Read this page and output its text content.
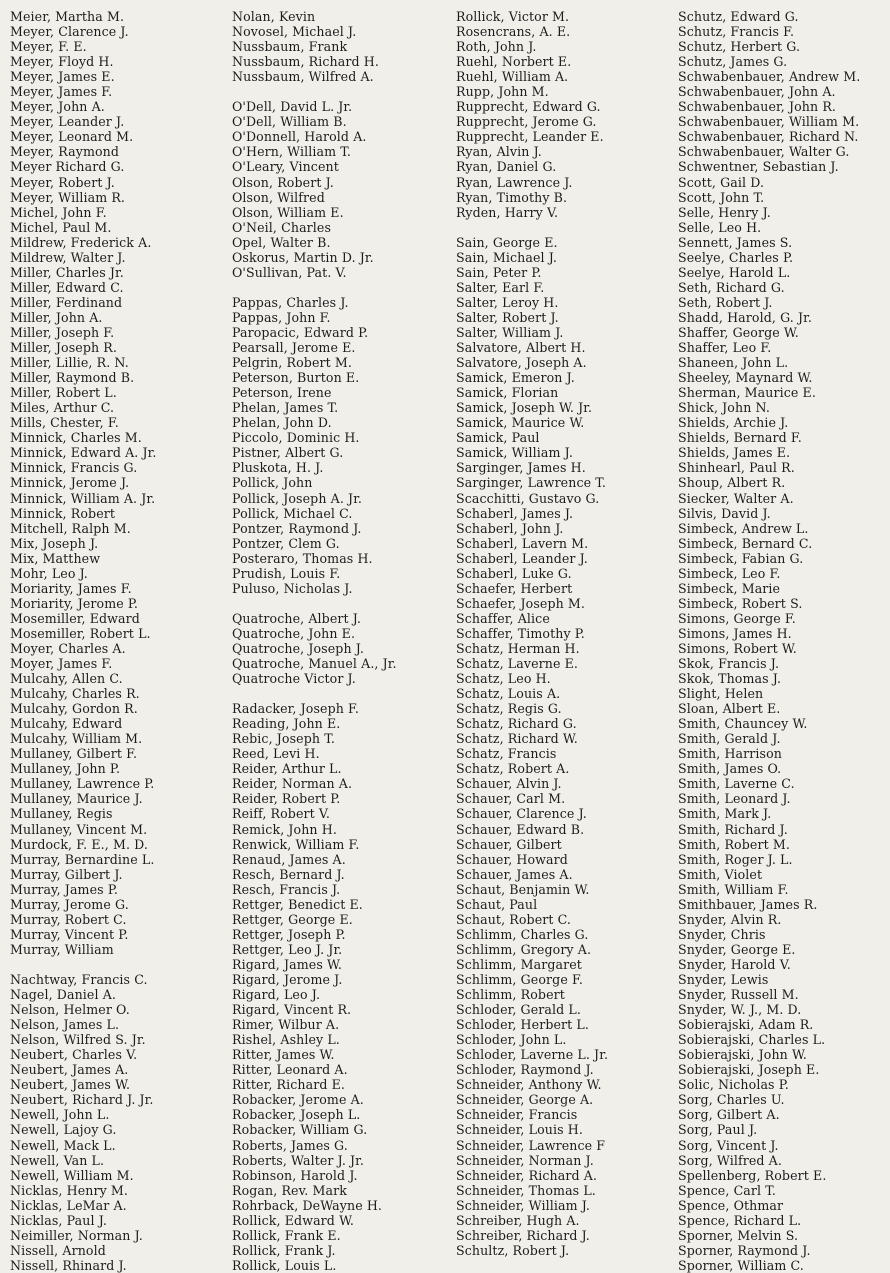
Meier, Martha M.
Meyer, Clarence J.
Meyer, F. E.
Meyer, Floyd H.
Meyer, James E.
Meyer, James F.
Meyer, John A.
Meyer, Leander J.
Meyer, Leonard M.
Meyer, Raymond
Meyer Richard G.
Meyer, Robert J.
Meyer, William R.
Michel, John F.
Michel, Paul M.
Mildrew, Frederick A.
Mildrew, Walter J.
Miller, Charles Jr.
Miller, Edward C.
Miller, Ferdinand
Miller, John A.
Miller, Joseph F.
Miller, Joseph R.
Miller, Lillie, R. N.
Miller, Raymond B.
Miller, Robert L.
Miles, Arthur C.
Mills, Chester, F.
Minnick, Charles M.
Minnick, Edward A. Jr.
Minnick, Francis G.
Minnick, Jerome J.
Minnick, William A. Jr.
Minnick, Robert
Mitchell, Ralph M.
Mix, Joseph J.
Mix, Matthew
Mohr, Leo J.
Moriarity, James F.
Moriarity, Jerome P.
Mosemiller, Edward
Mosemiller, Robert L.
Moyer, Charles A.
Moyer, James F.
Mulcahy, Allen C.
Mulcahy, Charles R.
Mulcahy, Gordon R.
Mulcahy, Edward
Mulcahy, William M.
Mullaney, Gilbert F.
Mullaney, John P.
Mullaney, Lawrence P.
Mullaney, Maurice J.
Mullaney, Regis
Mullaney, Vincent M.
Murdock, F. E., M. D.
Murray, Bernardine L.
Murray, Gilbert J.
Murray, James P.
Murray, Jerome G.
Murray, Robert C.
Murray, Vincent P.
Murray, William
Nachtway, Francis C.
Nagel, Daniel A.
Nelson, Helmer O.
Nelson, James L.
Nelson, Wilfred S. Jr.
Neubert, Charles V.
Neubert, James A.
Neubert, James W.
Neubert, Richard J. Jr.
Newell, John L.
Newell, Lajoy G.
Newell, Mack L.
Newell, Van L.
Newell, William M.
Nicklas, Henry M.
Nicklas, LeMar A.
Nicklas, Paul J.
Neimiller, Norman J.
Nissell, Arnold
Nissell, Rhinard J.
Nolan, Kevin
Novosel, Michael J.
Nussbaum, Frank
Nussbaum, Richard H.
Nussbaum, Wilfred A.
O'Dell, David L. Jr.
O'Dell, William B.
O'Donnell, Harold A.
O'Hern, William T.
O'Leary, Vincent
Olson, Robert J.
Olson, Wilfred
Olson, William E.
O'Neil, Charles
Opel, Walter B.
Oskorus, Martin D. Jr.
O'Sullivan, Pat. V.
Pappas, Charles J.
Pappas, John F.
Paropacic, Edward P.
Pearsall, Jerome E.
Pelgrin, Robert M.
Peterson, Burton E.
Peterson, Irene
Phelan, James T.
Phelan, John D.
Piccolo, Dominic H.
Pistner, Albert G.
Pluskota, H. J.
Pollick, John
Pollick, Joseph A. Jr.
Pollick, Michael C.
Pontzer, Raymond J.
Pontzer, Clem G.
Posteraro, Thomas H.
Prudish, Louis F.
Puluso, Nicholas J.
Quatroche, Albert J.
Quatroche, John E.
Quatroche, Joseph J.
Quatroche, Manuel A., Jr.
Quatroche Victor J.
Radacker, Joseph F.
Reading, John E.
Rebic, Joseph T.
Reed, Levi H.
Reider, Arthur L.
Reider, Norman A.
Reider, Robert P.
Reiff, Robert V.
Remick, John H.
Renwick, William F.
Renaud, James A.
Resch, Bernard J.
Resch, Francis J.
Rettger, Benedict E.
Rettger, George E.
Rettger, Joseph P.
Rettger, Leo J. Jr.
Rigard, James W.
Rigard, Jerome J.
Rigard, Leo J.
Rigard, Vincent R.
Rimer, Wilbur A.
Rishel, Ashley L.
Ritter, James W.
Ritter, Leonard A.
Ritter, Richard E.
Robacker, Jerome A.
Robacker, Joseph L.
Robacker, William G.
Roberts, James G.
Roberts, Walter J. Jr.
Robinson, Harold J.
Rogan, Rev. Mark
Rohrback, DeWayne H.
Rollick, Edward W.
Rollick, Frank E.
Rollick, Frank J.
Rollick, Louis L.
Rollick, Victor M.
Rosencrans, A. E.
Roth, John J.
Ruehl, Norbert E.
Ruehl, William A.
Rupp, John M.
Rupprecht, Edward G.
Rupprecht, Jerome G.
Rupprecht, Leander E.
Ryan, Alvin J.
Ryan, Daniel G.
Ryan, Lawrence J.
Ryan, Timothy B.
Ryden, Harry V.
Sain, George E.
Sain, Michael J.
Sain, Peter P.
Salter, Earl F.
Salter, Leroy H.
Salter, Robert J.
Salter, William J.
Salvatore, Albert H.
Salvatore, Joseph A.
Samick, Emeron J.
Samick, Florian
Samick, Joseph W. Jr.
Samick, Maurice W.
Samick, Paul
Samick, William J.
Sarginger, James H.
Sarginger, Lawrence T.
Scacchitti, Gustavo G.
Schaberl, James J.
Schaberl, John J.
Schaberl, Lavern M.
Schaberl, Leander J.
Schaberl, Luke G.
Schaefer, Herbert
Schaefer, Joseph M.
Schaffer, Alice
Schaffer, Timothy P.
Schatz, Herman H.
Schatz, Laverne E.
Schatz, Leo H.
Schatz, Louis A.
Schatz, Regis G.
Schatz, Richard G.
Schatz, Richard W.
Schatz, Francis
Schatz, Robert A.
Schauer, Alvin J.
Schauer, Carl M.
Schauer, Clarence J.
Schauer, Edward B.
Schauer, Gilbert
Schauer, Howard
Schauer, James A.
Schaut, Benjamin W.
Schaut, Paul
Schaut, Robert C.
Schlimm, Charles G.
Schlimm, Gregory A.
Schlimm, Margaret
Schlimm, George F.
Schlimm, Robert
Schloder, Gerald L.
Schloder, Herbert L.
Schloder, John L.
Schloder, Laverne L. Jr.
Schloder, Raymond J.
Schneider, Anthony W.
Schneider, George A.
Schneider, Francis
Schneider, Louis H.
Schneider, Lawrence F
Schneider, Norman J.
Schneider, Richard A.
Schneider, Thomas L.
Schneider, William J.
Schreiber, Hugh A.
Schreiber, Richard J.
Schultz, Robert J.
Schutz, Edward G.
Schutz, Francis F.
Schutz, Herbert G.
Schutz, James G.
Schwabenbauer, Andrew M.
Schwabenbauer, John A.
Schwabenbauer, John R.
Schwabenbauer, William M.
Schwabenbauer, Richard N.
Schwabenbauer, Walter G.
Schwentner, Sebastian J.
Scott, Gail D.
Scott, John T.
Selle, Henry J.
Selle, Leo H.
Sennett, James S.
Seelye, Charles P.
Seelye, Harold L.
Seth, Richard G.
Seth, Robert J.
Shadd, Harold, G. Jr.
Shaffer, George W.
Shaffer, Leo F.
Shaneen, John L.
Sheeley, Maynard W.
Sherman, Maurice E.
Shick, John N.
Shields, Archie J.
Shields, Bernard F.
Shields, James E.
Shinhearl, Paul R.
Shoup, Albert R.
Siecker, Walter A.
Silvis, David J.
Simbeck, Andrew L.
Simbeck, Bernard C.
Simbeck, Fabian G.
Simbeck, Leo F.
Simbeck, Marie
Simbeck, Robert S.
Simons, George F.
Simons, James H.
Simons, Robert W.
Skok, Francis J.
Skok, Thomas J.
Slight, Helen
Sloan, Albert E.
Smith, Chauncey W.
Smith, Gerald J.
Smith, Harrison
Smith, James O.
Smith, Laverne C.
Smith, Leonard J.
Smith, Mark J.
Smith, Richard J.
Smith, Robert M.
Smith, Roger J. L.
Smith, Violet
Smith, William F.
Smithbauer, James R.
Snyder, Alvin R.
Snyder, Chris
Snyder, George E.
Snyder, Harold V.
Snyder, Lewis
Snyder, Russell M.
Snyder, W. J., M. D.
Sobierajski, Adam R.
Sobierajski, Charles L.
Sobierajski, John W.
Sobierajski, Joseph E.
Solic, Nicholas P.
Sorg, Charles U.
Sorg, Gilbert A.
Sorg, Paul J.
Sorg, Vincent J.
Sorg, Wilfred A.
Spellenberg, Robert E.
Spence, Carl T.
Spence, Othmar
Spence, Richard L.
Sporner, Melvin S.
Sporner, Raymond J.
Sporner, William C.
